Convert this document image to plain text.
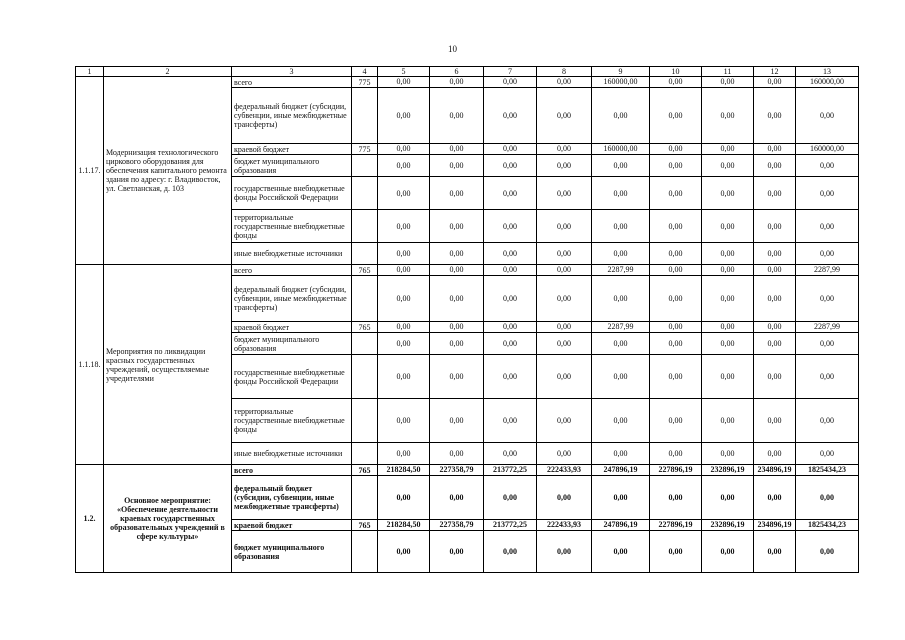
10
1	2	3	4	5	6	7	8	9	10	11	12	13
1.1.17.	Модернизация технологического циркового оборудования для обеспечения капитального ремонта здания по адресу: г. Владивосток, ул. Светланская, д. 103	всего	775	0,00	0,00	0,00	0,00	160000,00	0,00	0,00	0,00	160000,00
		федеральный бюджет (субсидии, субвенции, иные межбюджетные трансферты)		0,00	0,00	0,00	0,00	0,00	0,00	0,00	0,00	0,00
		краевой бюджет	775	0,00	0,00	0,00	0,00	160000,00	0,00	0,00	0,00	160000,00
		бюджет муниципального образования		0,00	0,00	0,00	0,00	0,00	0,00	0,00	0,00	0,00
		государственные внебюджетные фонды Российской Федерации		0,00	0,00	0,00	0,00	0,00	0,00	0,00	0,00	0,00
		территориальные государственные внебюджетные фонды		0,00	0,00	0,00	0,00	0,00	0,00	0,00	0,00	0,00
		иные внебюджетные источники		0,00	0,00	0,00	0,00	0,00	0,00	0,00	0,00	0,00
1.1.18.	Мероприятия по ликвидации красных государственных учреждений, осуществляемые учредителями	всего	765	0,00	0,00	0,00	0,00	2287,99	0,00	0,00	0,00	2287,99
		федеральный бюджет (субсидии, субвенции, иные межбюджетные трансферты)		0,00	0,00	0,00	0,00	0,00	0,00	0,00	0,00	0,00
		краевой бюджет	765	0,00	0,00	0,00	0,00	2287,99	0,00	0,00	0,00	2287,99
		бюджет муниципального образования		0,00	0,00	0,00	0,00	0,00	0,00	0,00	0,00	0,00
		государственные внебюджетные фонды Российской Федерации		0,00	0,00	0,00	0,00	0,00	0,00	0,00	0,00	0,00
		территориальные государственные внебюджетные фонды		0,00	0,00	0,00	0,00	0,00	0,00	0,00	0,00	0,00
		иные внебюджетные источники		0,00	0,00	0,00	0,00	0,00	0,00	0,00	0,00	0,00
1.2.	Основное мероприятие: «Обеспечение деятельности краевых государственных образовательных учреждений в сфере культуры»	всего	765	218284,50	227358,79	213772,25	222433,93	247896,19	227896,19	232896,19	234896,19	1825434,23
		федеральный бюджет (субсидии, субвенции, иные межбюджетные трансферты)		0,00	0,00	0,00	0,00	0,00	0,00	0,00	0,00	0,00
		краевой бюджет	765	218284,50	227358,79	213772,25	222433,93	247896,19	227896,19	232896,19	234896,19	1825434,23
		бюджет муниципального образования		0,00	0,00	0,00	0,00	0,00	0,00	0,00	0,00	0,00
